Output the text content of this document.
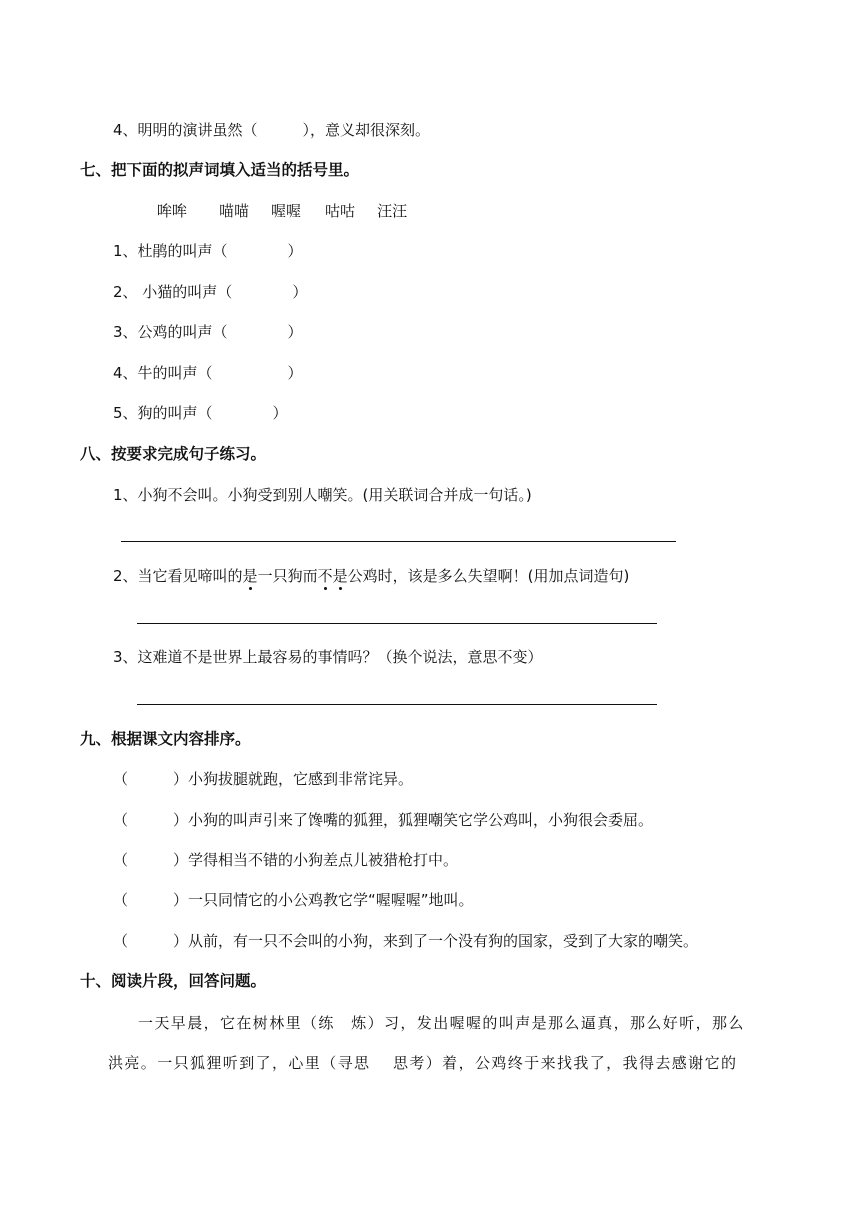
4、明明的演讲虽然（　　　），意义却很深刻。
七、把下面的拟声词填入适当的括号里。
哞哞 喵喵 喔喔 咕咕 汪汪
1、杜鹃的叫声（　　　　）
2、 小猫的叫声（　　　　）
3、公鸡的叫声（　　　　）
4、牛的叫声（　　　　　）
5、狗的叫声（　　　　）
八、按要求完成句子练习。
1、小狗不会叫。小狗受到别人嘲笑。(用关联词合并成一句话。)
2、当它看见啼叫的是一只狗而不是公鸡时，该是多么失望啊！(用加点词造句)
3、这难道不是世界上最容易的事情吗？（换个说法，意思不变）
九、根据课文内容排序。
（　　　）小狗拔腿就跑，它感到非常诧异。
（　　　）小狗的叫声引来了馋嘴的狐狸，狐狸嘲笑它学公鸡叫，小狗很会委屈。
（　　　）学得相当不错的小狗差点儿被猎枪打中。
（　　　）一只同情它的小公鸡教它学“喔喔喔”地叫。
（　　　）从前，有一只不会叫的小狗，来到了一个没有狗的国家，受到了大家的嘲笑。
十、阅读片段，回答问题。
一天早晨，它在树林里（练　炼）习，发出喔喔的叫声是那么逼真，那么好听，那么
洪亮。一只狐狸听到了，心里（寻思　 思考）着，公鸡终于来找我了，我得去感谢它的
